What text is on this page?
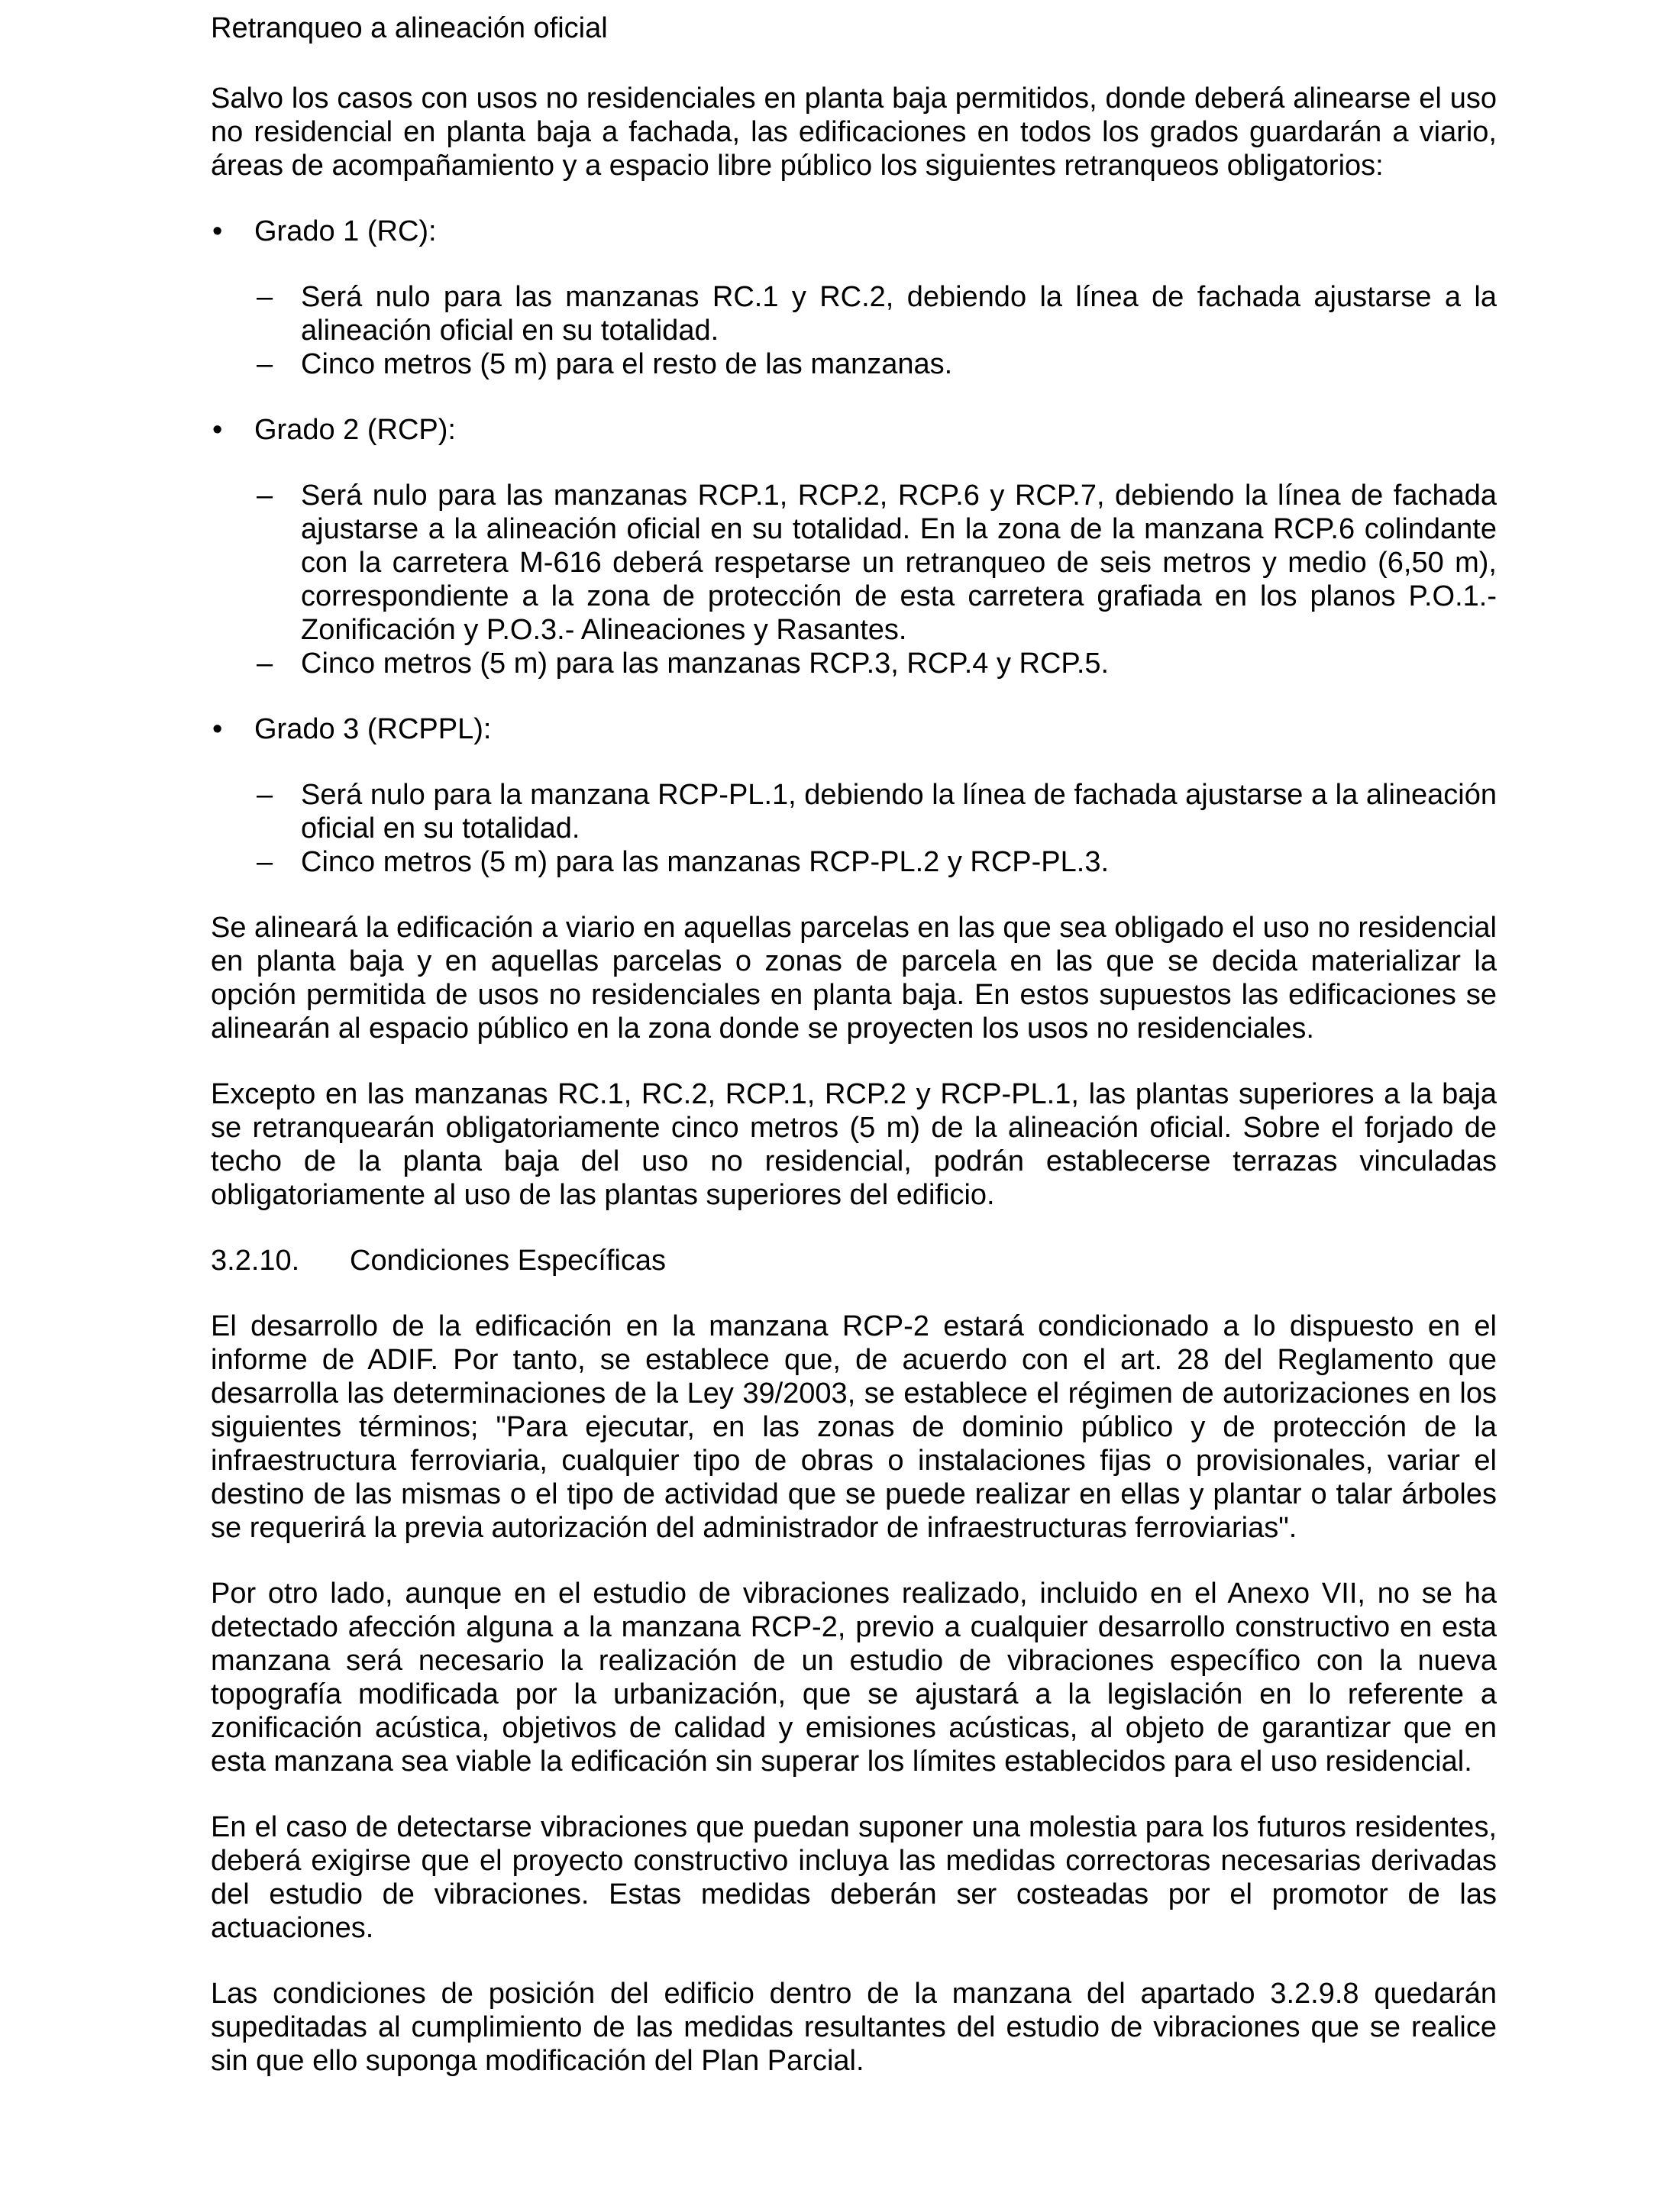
Retranqueo a alineación oficial

Salvo los casos con usos no residenciales en planta baja permitidos, donde deberá alinearse el uso no residencial en planta baja a fachada, las edificaciones en todos los grados guardarán a viario, áreas de acompañamiento y a espacio libre público los siguientes retranqueos obligatorios:

• Grado 1 (RC):
– Será nulo para las manzanas RC.1 y RC.2, debiendo la línea de fachada ajustarse a la alineación oficial en su totalidad.
– Cinco metros (5 m) para el resto de las manzanas.
• Grado 2 (RCP):
– Será nulo para las manzanas RCP.1, RCP.2, RCP.6 y RCP.7, debiendo la línea de fachada ajustarse a la alineación oficial en su totalidad. En la zona de la manzana RCP.6 colindante con la carretera M-616 deberá respetarse un retranqueo de seis metros y medio (6,50 m), correspondiente a la zona de protección de esta carretera grafiada en los planos P.O.1.- Zonificación y P.O.3.- Alineaciones y Rasantes.
– Cinco metros (5 m) para las manzanas RCP.3, RCP.4 y RCP.5.
• Grado 3 (RCPPL):
– Será nulo para la manzana RCP-PL.1, debiendo la línea de fachada ajustarse a la alineación oficial en su totalidad.
– Cinco metros (5 m) para las manzanas RCP-PL.2 y RCP-PL.3.

Se alineará la edificación a viario en aquellas parcelas en las que sea obligado el uso no residencial en planta baja y en aquellas parcelas o zonas de parcela en las que se decida materializar la opción permitida de usos no residenciales en planta baja. En estos supuestos las edificaciones se alinearán al espacio público en la zona donde se proyecten los usos no residenciales.

Excepto en las manzanas RC.1, RC.2, RCP.1, RCP.2 y RCP-PL.1, las plantas superiores a la baja se retranquearán obligatoriamente cinco metros (5 m) de la alineación oficial. Sobre el forjado de techo de la planta baja del uso no residencial, podrán establecerse terrazas vinculadas obligatoriamente al uso de las plantas superiores del edificio.

3.2.10. Condiciones Específicas

El desarrollo de la edificación en la manzana RCP-2 estará condicionado a lo dispuesto en el informe de ADIF. Por tanto, se establece que, de acuerdo con el art. 28 del Reglamento que desarrolla las determinaciones de la Ley 39/2003, se establece el régimen de autorizaciones en los siguientes términos; "Para ejecutar, en las zonas de dominio público y de protección de la infraestructura ferroviaria, cualquier tipo de obras o instalaciones fijas o provisionales, variar el destino de las mismas o el tipo de actividad que se puede realizar en ellas y plantar o talar árboles se requerirá la previa autorización del administrador de infraestructuras ferroviarias".

Por otro lado, aunque en el estudio de vibraciones realizado, incluido en el Anexo VII, no se ha detectado afección alguna a la manzana RCP-2, previo a cualquier desarrollo constructivo en esta manzana será necesario la realización de un estudio de vibraciones específico con la nueva topografía modificada por la urbanización, que se ajustará a la legislación en lo referente a zonificación acústica, objetivos de calidad y emisiones acústicas, al objeto de garantizar que en esta manzana sea viable la edificación sin superar los límites establecidos para el uso residencial.

En el caso de detectarse vibraciones que puedan suponer una molestia para los futuros residentes, deberá exigirse que el proyecto constructivo incluya las medidas correctoras necesarias derivadas del estudio de vibraciones. Estas medidas deberán ser costeadas por el promotor de las actuaciones.

Las condiciones de posición del edificio dentro de la manzana del apartado 3.2.9.8 quedarán supeditadas al cumplimiento de las medidas resultantes del estudio de vibraciones que se realice sin que ello suponga modificación del Plan Parcial.
